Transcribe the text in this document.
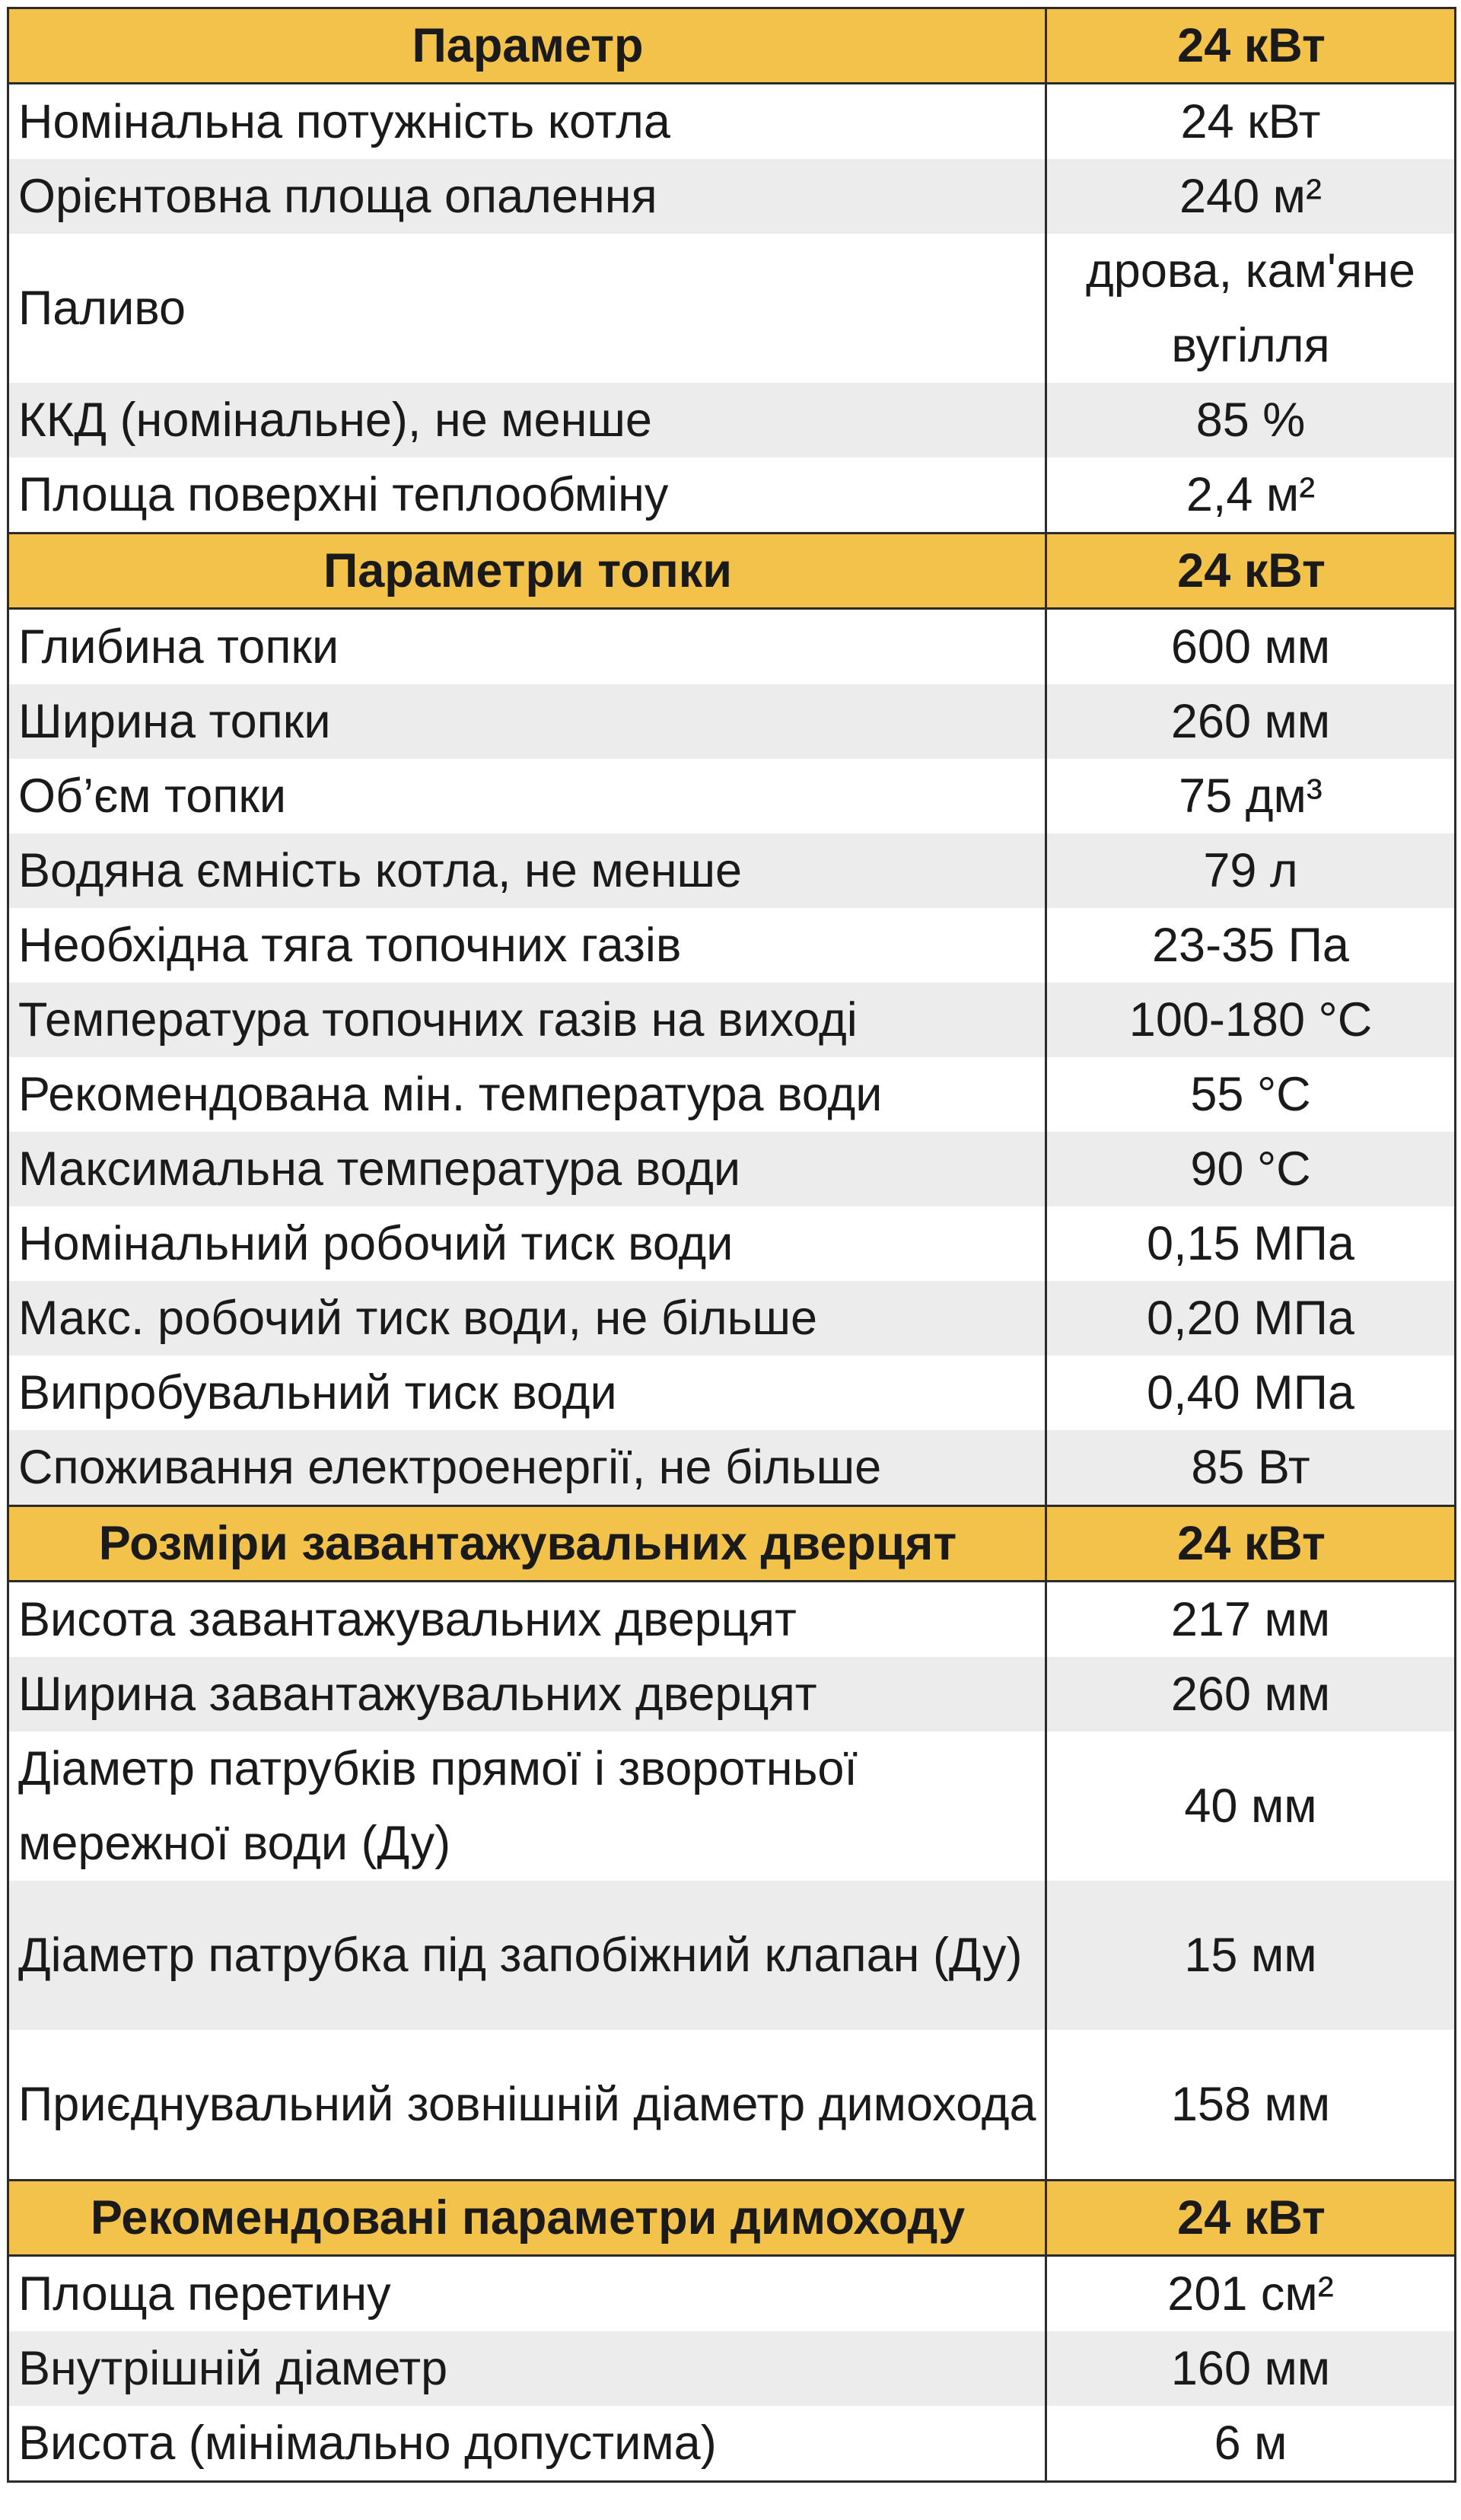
Параметр	24 кВт
Номінальна потужність котла	24 кВт
Орієнтовна площа опалення	240 м²
Паливо	дрова, кам'яне вугілля
ККД (номінальне), не менше	85 %
Площа поверхні теплообміну	2,4 м²
Параметри топки	24 кВт
Глибина топки	600 мм
Ширина топки	260 мм
Об’єм топки	75 дм³
Водяна ємність котла, не менше	79 л
Необхідна тяга топочних газів	23-35 Па
Температура топочних газів на виході	100-180 °С
Рекомендована мін. температура води	55 °С
Максимальна температура води	90 °С
Номінальний робочий тиск води	0,15 МПа
Макс. робочий тиск води, не більше	0,20 МПа
Випробувальний тиск води	0,40 МПа
Споживання електроенергії, не більше	85 Вт
Розміри завантажувальних дверцят	24 кВт
Висота завантажувальних дверцят	217 мм
Ширина завантажувальних дверцят	260 мм
Діаметр патрубків прямої і зворотньої мережної води (Ду)	40 мм
Діаметр патрубка під запобіжний клапан (Ду)	15 мм
Приєднувальний зовнішній діаметр димохода	158 мм
Рекомендовані параметри димоходу	24 кВт
Площа перетину	201 см²
Внутрішній діаметр	160 мм
Висота (мінімально допустима)	6 м
